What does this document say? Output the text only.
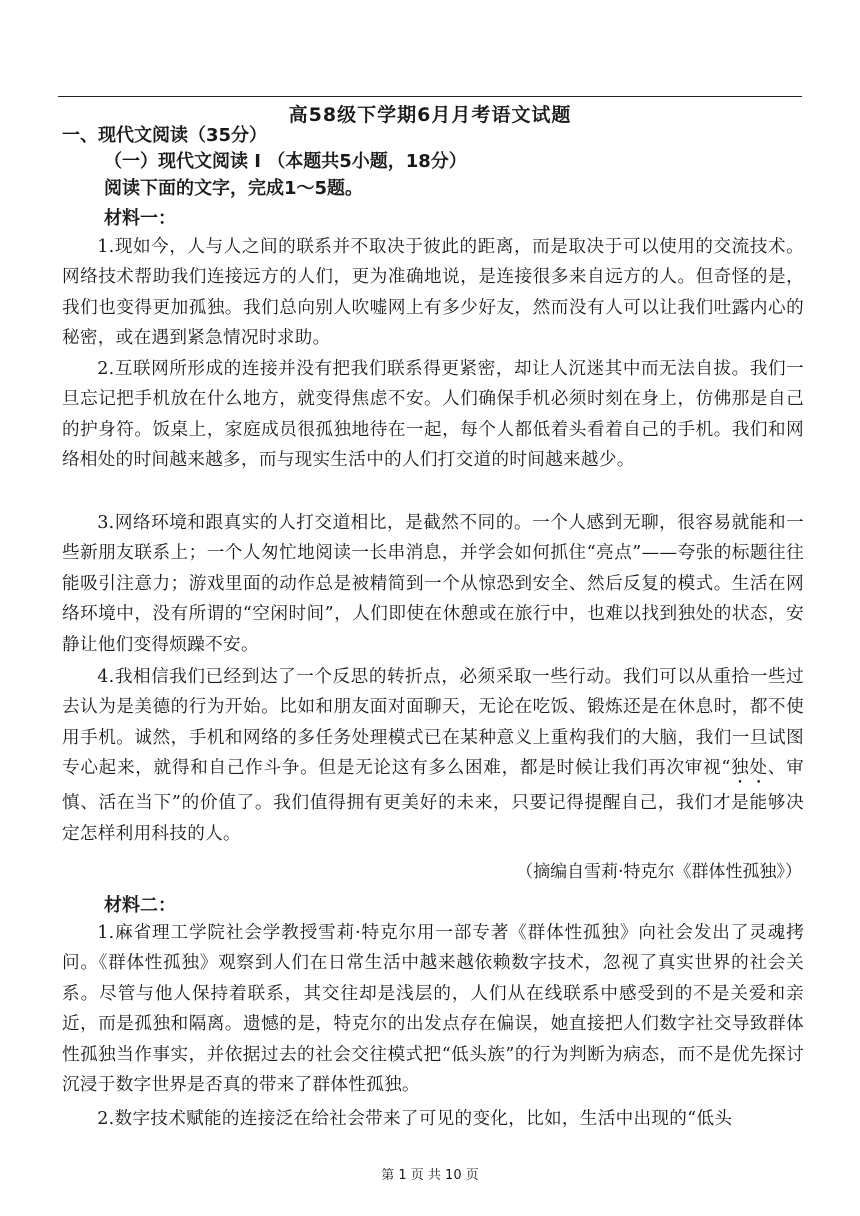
高58级下学期6月月考语文试题
一、现代文阅读（35分）
（一）现代文阅读 I （本题共5小题，18分）
阅读下面的文字，完成1～5题。
材料一：
1.现如今，人与人之间的联系并不取决于彼此的距离，而是取决于可以使用的交流技术。网络技术帮助我们连接远方的人们，更为准确地说，是连接很多来自远方的人。但奇怪的是，我们也变得更加孤独。我们总向别人吹嘘网上有多少好友，然而没有人可以让我们吐露内心的秘密，或在遇到紧急情况时求助。
2.互联网所形成的连接并没有把我们联系得更紧密，却让人沉迷其中而无法自拔。我们一旦忘记把手机放在什么地方，就变得焦虑不安。人们确保手机必须时刻在身上，仿佛那是自己的护身符。饭桌上，家庭成员很孤独地待在一起，每个人都低着头看着自己的手机。我们和网络相处的时间越来越多，而与现实生活中的人们打交道的时间越来越少。
3.网络环境和跟真实的人打交道相比，是截然不同的。一个人感到无聊，很容易就能和一些新朋友联系上；一个人匆忙地阅读一长串消息，并学会如何抓住“亮点”——夸张的标题往往能吸引注意力；游戏里面的动作总是被精简到一个从惊恐到安全、然后反复的模式。生活在网络环境中，没有所谓的“空闲时间”，人们即使在休憩或在旅行中，也难以找到独处的状态，安静让他们变得烦躁不安。
4.我相信我们已经到达了一个反思的转折点，必须采取一些行动。我们可以从重拾一些过去认为是美德的行为开始。比如和朋友面对面聊天，无论在吃饭、锻炼还是在休息时，都不使用手机。诚然，手机和网络的多任务处理模式已在某种意义上重构我们的大脑，我们一旦试图专心起来，就得和自己作斗争。但是无论这有多么困难，都是时候让我们再次审视“独处、审慎、活在当下”的价值了。我们值得拥有更美好的未来，只要记得提醒自己，我们才是能够决定怎样利用科技的人。
（摘编自雪莉·特克尔《群体性孤独》）
材料二：
1.麻省理工学院社会学教授雪莉·特克尔用一部专著《群体性孤独》向社会发出了灵魂拷问。《群体性孤独》观察到人们在日常生活中越来越依赖数字技术，忽视了真实世界的社会关系。尽管与他人保持着联系，其交往却是浅层的，人们从在线联系中感受到的不是关爱和亲近，而是孤独和隔离。遗憾的是，特克尔的出发点存在偏误，她直接把人们数字社交导致群体性孤独当作事实，并依据过去的社会交往模式把“低头族”的行为判断为病态，而不是优先探讨沉浸于数字世界是否真的带来了群体性孤独。
2.数字技术赋能的连接泛在给社会带来了可见的变化，比如，生活中出现的“低头
第 1 页 共 10 页
